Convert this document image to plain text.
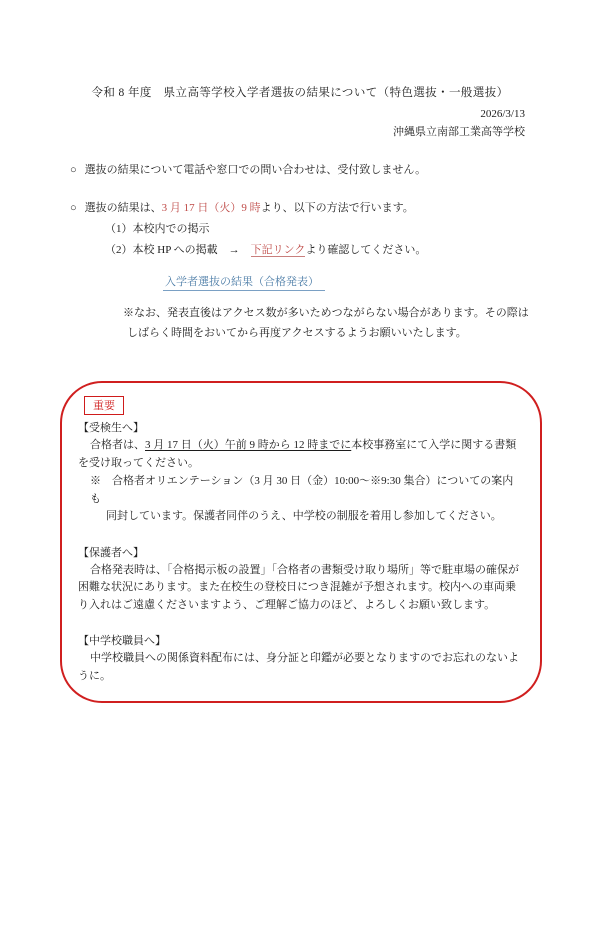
令和 8 年度　県立高等学校入学者選抜の結果について（特色選抜・一般選抜）
2026/3/13
沖縄県立南部工業高等学校
○ 選抜の結果について電話や窓口での問い合わせは、受付致しません。
○ 選抜の結果は、3 月 17 日（火）9 時より、以下の方法で行います。
（1）本校内での掲示
（2）本校 HP への掲載　→　下記リンクより確認してください。
入学者選抜の結果（合格発表）
※なお、発表直後はアクセス数が多いためつながらない場合があります。その際は
しばらく時間をおいてから再度アクセスするようお願いいたします。
重要
【受検生へ】
合格者は、3 月 17 日（火）午前 9 時から 12 時までに本校事務室にて入学に関する書類を受け取ってください。
※　合格者オリエンテーション（3 月 30 日（金）10:00～※9:30 集合）についての案内も
同封しています。保護者同伴のうえ、中学校の制服を着用し参加してください。
【保護者へ】
合格発表時は、「合格掲示板の設置」「合格者の書類受け取り場所」等で駐車場の確保が困難な状況にあります。また在校生の登校日につき混雑が予想されます。校内への車両乗り入れはご遠慮くださいますよう、ご理解ご協力のほど、よろしくお願い致します。
【中学校職員へ】
中学校職員への関係資料配布には、身分証と印鑑が必要となりますのでお忘れのないように。
